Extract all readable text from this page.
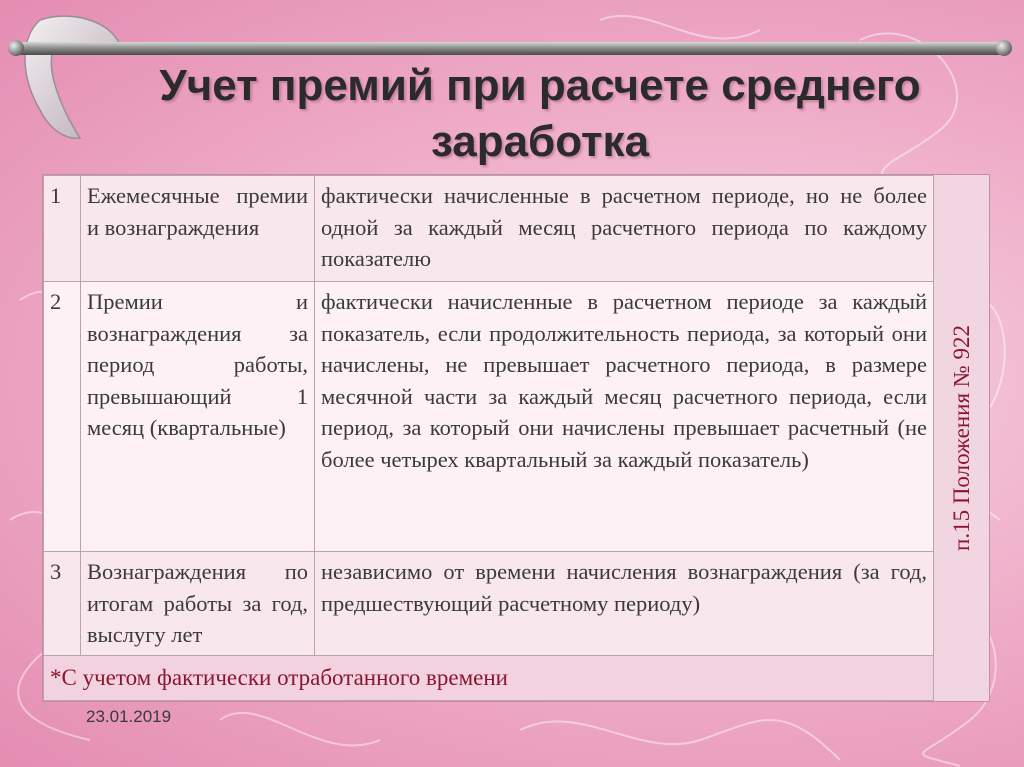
Учет премий при расчете среднего
заработка
1	Ежемесячные премии и вознаграждения	фактически начисленные в расчетном периоде, но не более одной за каждый месяц расчетного периода по каждому показателю
2	Премии и вознаграждения за период работы, превышающий 1 месяц (квартальные)	фактически начисленные в расчетном периоде за каждый показатель, если продолжительность периода, за который они начислены, не превышает расчетного периода, в размере месячной части за каждый месяц расчетного периода, если период, за который они начислены превышает расчетный (не более четырех квартальный за каждый показатель)
3	Вознаграждения по итогам работы за год, выслугу лет	независимо от времени начисления вознаграждения (за год, предшествующий расчетному периоду)
*С учетом фактически отработанного времени		
п.15 Положения № 922
23.01.2019
